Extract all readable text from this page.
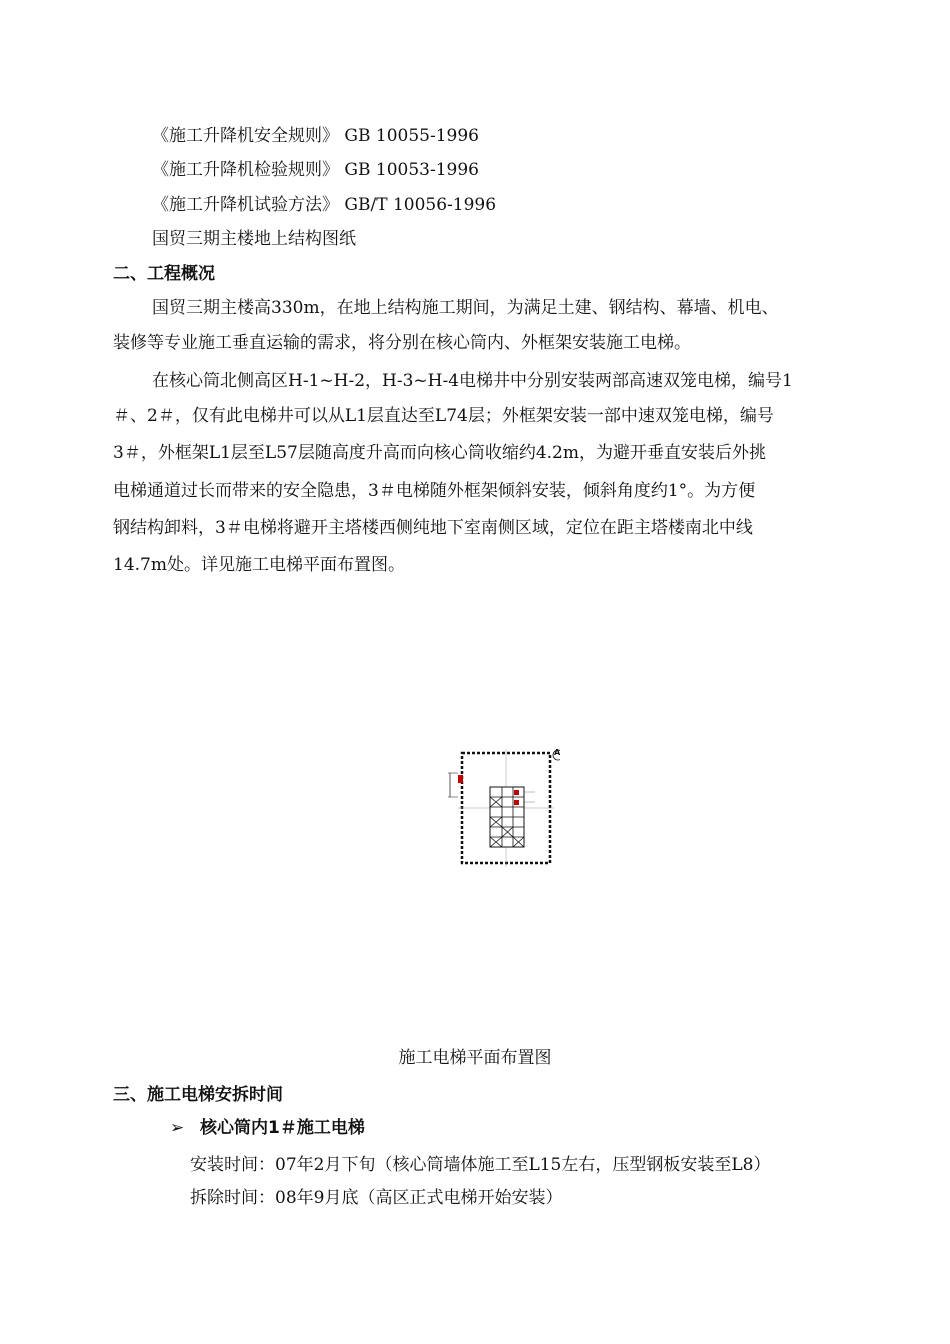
《施工升降机安全规则》 GB 10055-1996
《施工升降机检验规则》 GB 10053-1996
《施工升降机试验方法》 GB/T 10056-1996
国贸三期主楼地上结构图纸
二、工程概况
国贸三期主楼高330m，在地上结构施工期间，为满足土建、钢结构、幕墙、机电、
装修等专业施工垂直运输的需求，将分别在核心筒内、外框架安装施工电梯。
在核心筒北侧高区H-1~H-2，H-3~H-4电梯井中分别安装两部高速双笼电梯，编号1
＃、2＃，仅有此电梯井可以从L1层直达至L74层；外框架安装一部中速双笼电梯，编号
3＃，外框架L1层至L57层随高度升高而向核心筒收缩约4.2m，为避开垂直安装后外挑
电梯通道过长而带来的安全隐患，3＃电梯随外框架倾斜安装，倾斜角度约1°。为方便
钢结构卸料，3＃电梯将避开主塔楼西侧纯地下室南侧区域，定位在距主塔楼南北中线
14.7m处。详见施工电梯平面布置图。
A
施工电梯平面布置图
三、施工电梯安拆时间
➢ 核心筒内1＃施工电梯
安装时间：07年2月下旬（核心筒墙体施工至L15左右，压型钢板安装至L8）
拆除时间：08年9月底（高区正式电梯开始安装）
